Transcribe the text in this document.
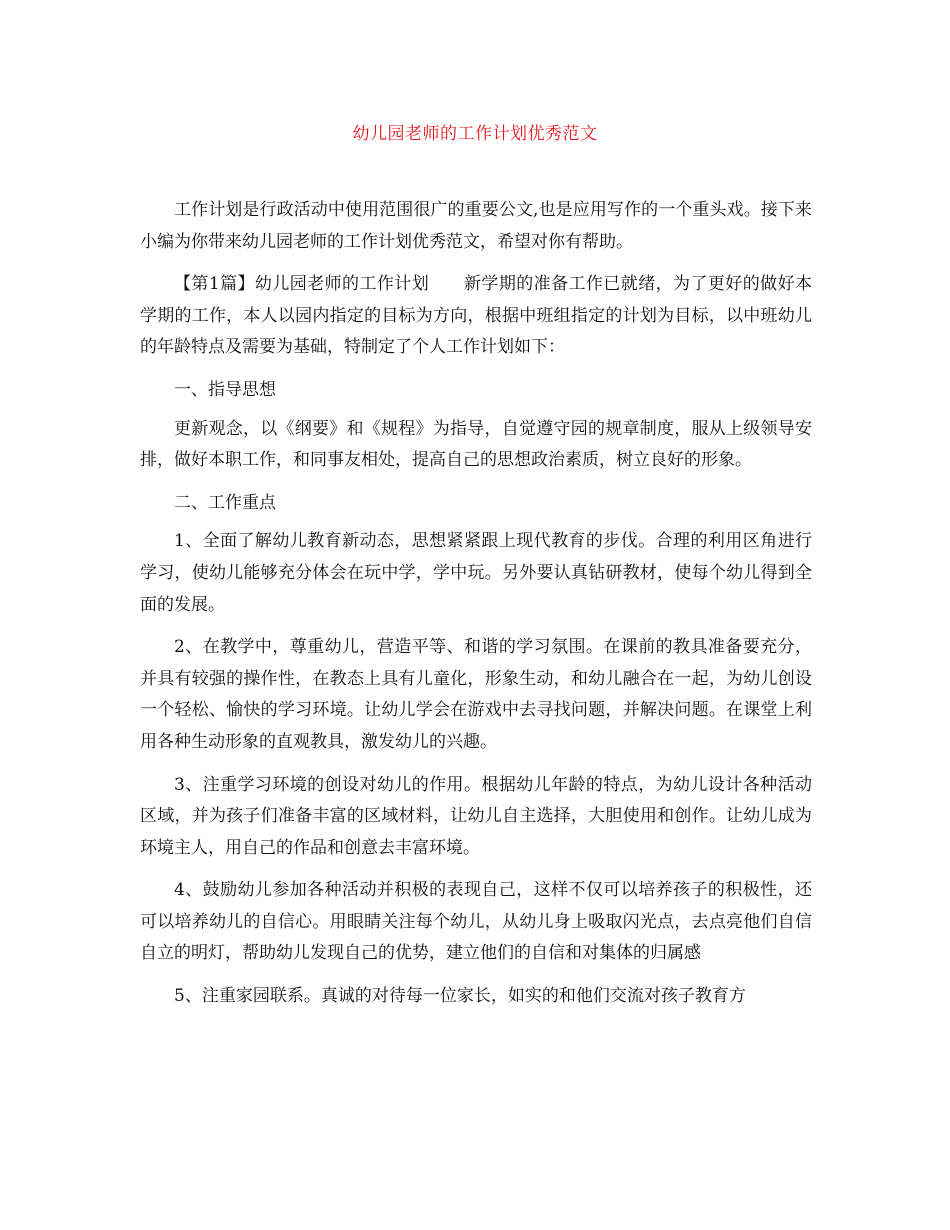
幼儿园老师的工作计划优秀范文

工作计划是行政活动中使用范围很广的重要公文,也是应用写作的一个重头戏。接下来小编为你带来幼儿园老师的工作计划优秀范文，希望对你有帮助。

【第1篇】幼儿园老师的工作计划　　新学期的准备工作已就绪，为了更好的做好本学期的工作，本人以园内指定的目标为方向，根据中班组指定的计划为目标，以中班幼儿的年龄特点及需要为基础，特制定了个人工作计划如下：

一、指导思想

更新观念，以《纲要》和《规程》为指导，自觉遵守园的规章制度，服从上级领导安排，做好本职工作，和同事友相处，提高自己的思想政治素质，树立良好的形象。

二、工作重点

1、全面了解幼儿教育新动态，思想紧紧跟上现代教育的步伐。合理的利用区角进行学习，使幼儿能够充分体会在玩中学，学中玩。另外要认真钻研教材，使每个幼儿得到全面的发展。

2、在教学中，尊重幼儿，营造平等、和谐的学习氛围。在课前的教具准备要充分，并具有较强的操作性，在教态上具有儿童化，形象生动，和幼儿融合在一起，为幼儿创设一个轻松、愉快的学习环境。让幼儿学会在游戏中去寻找问题，并解决问题。在课堂上利用各种生动形象的直观教具，激发幼儿的兴趣。

3、注重学习环境的创设对幼儿的作用。根据幼儿年龄的特点，为幼儿设计各种活动区域，并为孩子们准备丰富的区域材料，让幼儿自主选择，大胆使用和创作。让幼儿成为环境主人，用自己的作品和创意去丰富环境。

4、鼓励幼儿参加各种活动并积极的表现自己，这样不仅可以培养孩子的积极性，还可以培养幼儿的自信心。用眼睛关注每个幼儿，从幼儿身上吸取闪光点，去点亮他们自信自立的明灯，帮助幼儿发现自己的优势，建立他们的自信和对集体的归属感

5、注重家园联系。真诚的对待每一位家长，如实的和他们交流对孩子教育方
